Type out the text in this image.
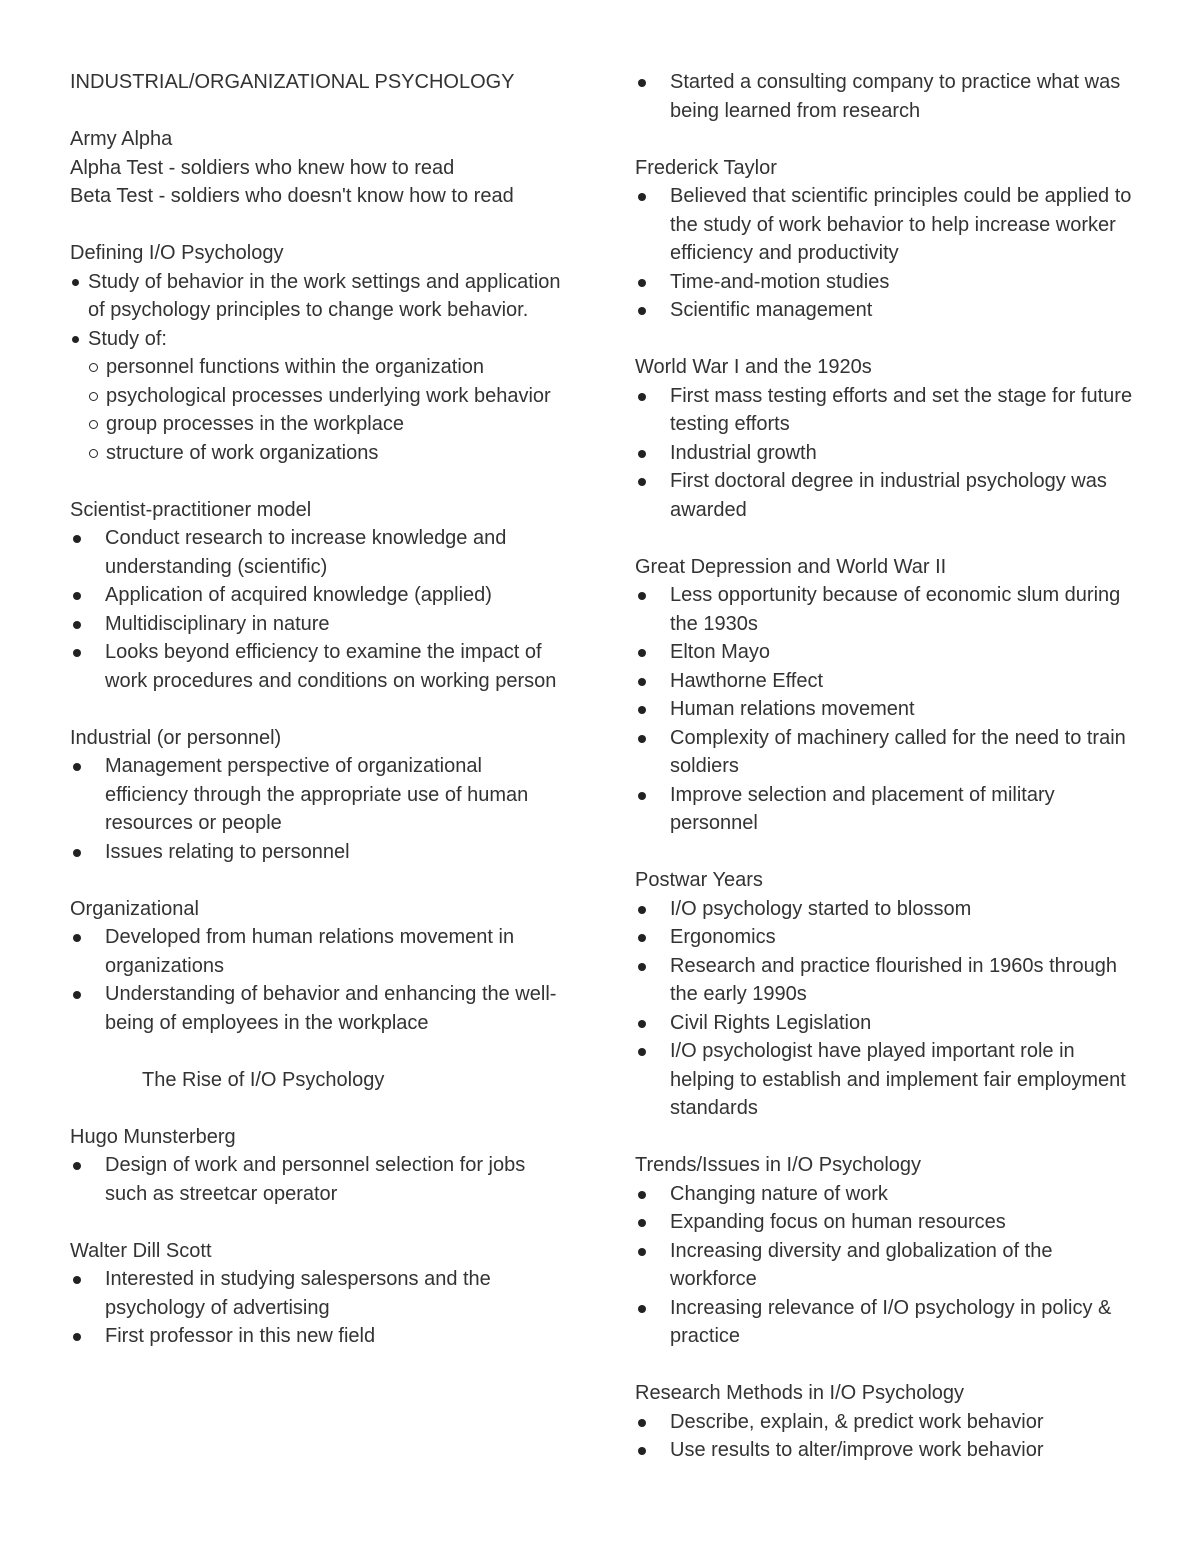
INDUSTRIAL/ORGANIZATIONAL PSYCHOLOGY

Army Alpha

Alpha Test - soldiers who knew how to read

Beta Test - soldiers who doesn't know how to read

Defining I/O Psychology

Study of behavior in the work settings and application of psychology principles to change work behavior.
Study of:
personnel functions within the organization
psychological processes underlying work behavior
group processes in the workplace
structure of work organizations

Scientist-practitioner model

Conduct research to increase knowledge and understanding (scientific)
Application of acquired knowledge (applied)
Multidisciplinary in nature
Looks beyond efficiency to examine the impact of work procedures and conditions on working person

Industrial (or personnel)

Management perspective of organizational efficiency through the appropriate use of human resources or people
Issues relating to personnel

Organizational

Developed from human relations movement in organizations
Understanding of behavior and enhancing the well-being of employees in the workplace

The Rise of I/O Psychology

Hugo Munsterberg

Design of work and personnel selection for jobs such as streetcar operator

Walter Dill Scott

Interested in studying salespersons and the psychology of advertising
First professor in this new field
Started a consulting company to practice what was being learned from research

Frederick Taylor

Believed that scientific principles could be applied to the study of work behavior to help increase worker efficiency and productivity
Time-and-motion studies
Scientific management

World War I and the 1920s

First mass testing efforts and set the stage for future testing efforts
Industrial growth
First doctoral degree in industrial psychology was awarded

Great Depression and World War II

Less opportunity because of economic slum during the 1930s
Elton Mayo
Hawthorne Effect
Human relations movement
Complexity of machinery called for the need to train soldiers
Improve selection and placement of military personnel

Postwar Years

I/O psychology started to blossom
Ergonomics
Research and practice flourished in 1960s through the early 1990s
Civil Rights Legislation
I/O psychologist have played important role in helping to establish and implement fair employment standards

Trends/Issues in I/O Psychology

Changing nature of work
Expanding focus on human resources
Increasing diversity and globalization of the workforce
Increasing relevance of I/O psychology in policy & practice

Research Methods in I/O Psychology

Describe, explain, & predict work behavior
Use results to alter/improve work behavior
